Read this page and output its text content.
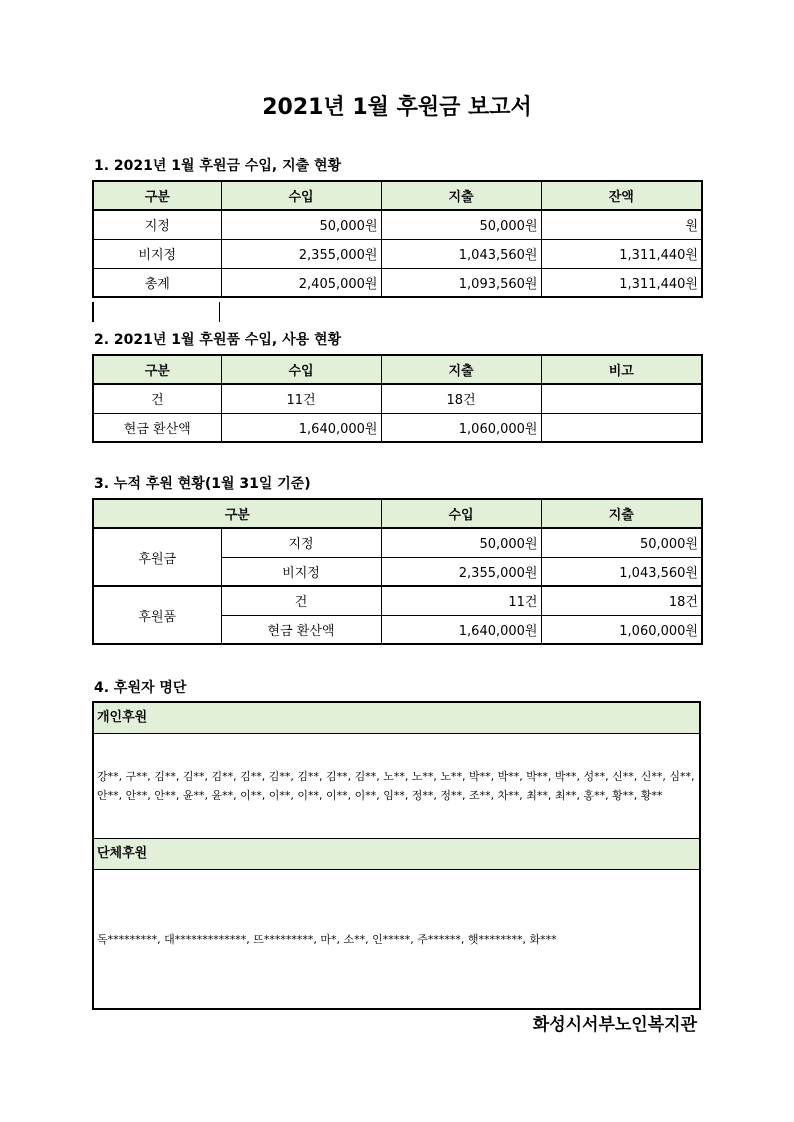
2021년 1월 후원금 보고서
1. 2021년 1월 후원금 수입, 지출 현황
구분	수입	지출	잔액
지정	50,000원	50,000원	원
비지정	2,355,000원	1,043,560원	1,311,440원
총계	2,405,000원	1,093,560원	1,311,440원
2. 2021년 1월 후원품 수입, 사용 현황
구분	수입	지출	비고
건	11건	18건	
현금 환산액	1,640,000원	1,060,000원	
3. 누적 후원 현황(1월 31일 기준)
구분		수입	지출
후원금	지정	50,000원	50,000원
	비지정	2,355,000원	1,043,560원
후원품	건	11건	18건
	현금 환산액	1,640,000원	1,060,000원
4. 후원자 명단
개인후원
강**, 구**, 김**, 김**, 김**, 김**, 김**, 김**, 김**, 김**, 노**, 노**, 노**, 박**, 박**, 박**, 박**, 성**, 신**, 신**, 심**, 안**, 안**, 안**, 윤**, 윤**, 이**, 이**, 이**, 이**, 이**, 임**, 정**, 정**, 조**, 차**, 최**, 최**, 홍**, 황**, 황**
단체후원
독*********, 대*************, 뜨*********, 마*, 소**, 인*****, 주******, 햇********, 화***
화성시서부노인복지관
